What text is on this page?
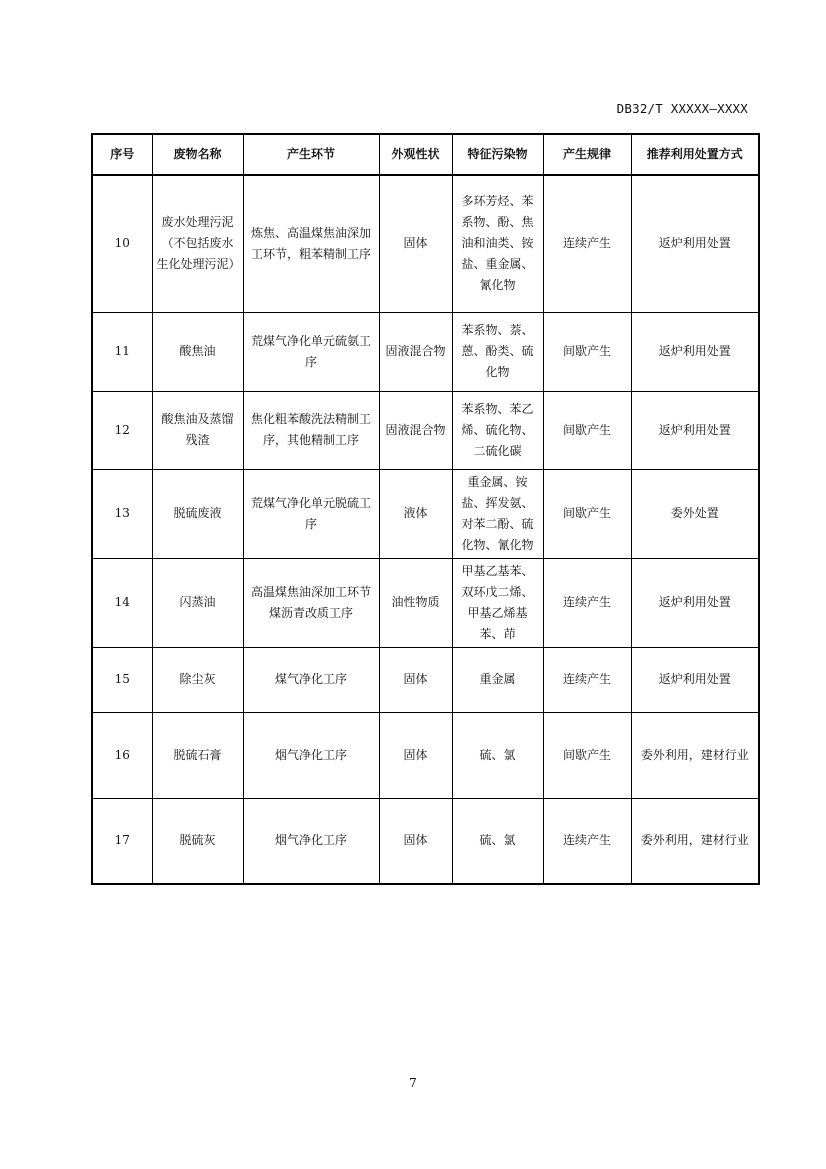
DB32/T XXXXX—XXXX
序号	废物名称	产生环节	外观性状	特征污染物	产生规律	推荐利用处置方式
10	废水处理污泥（不包括废水生化处理污泥）	炼焦、高温煤焦油深加工环节，粗苯精制工序	固体	多环芳烃、苯系物、酚、焦油和油类、铵盐、重金属、氰化物	连续产生	返炉利用处置
11	酸焦油	荒煤气净化单元硫氨工序	固液混合物	苯系物、萘、蒽、酚类、硫化物	间歇产生	返炉利用处置
12	酸焦油及蒸馏残渣	焦化粗苯酸洗法精制工序，其他精制工序	固液混合物	苯系物、苯乙烯、硫化物、二硫化碳	间歇产生	返炉利用处置
13	脱硫废液	荒煤气净化单元脱硫工序	液体	重金属、铵盐、挥发氨、对苯二酚、硫化物、氰化物	间歇产生	委外处置
14	闪蒸油	高温煤焦油深加工环节煤沥青改质工序	油性物质	甲基乙基苯、双环戊二烯、甲基乙烯基苯、茚	连续产生	返炉利用处置
15	除尘灰	煤气净化工序	固体	重金属	连续产生	返炉利用处置
16	脱硫石膏	烟气净化工序	固体	硫、氯	间歇产生	委外利用，建材行业
17	脱硫灰	烟气净化工序	固体	硫、氯	连续产生	委外利用，建材行业
7
